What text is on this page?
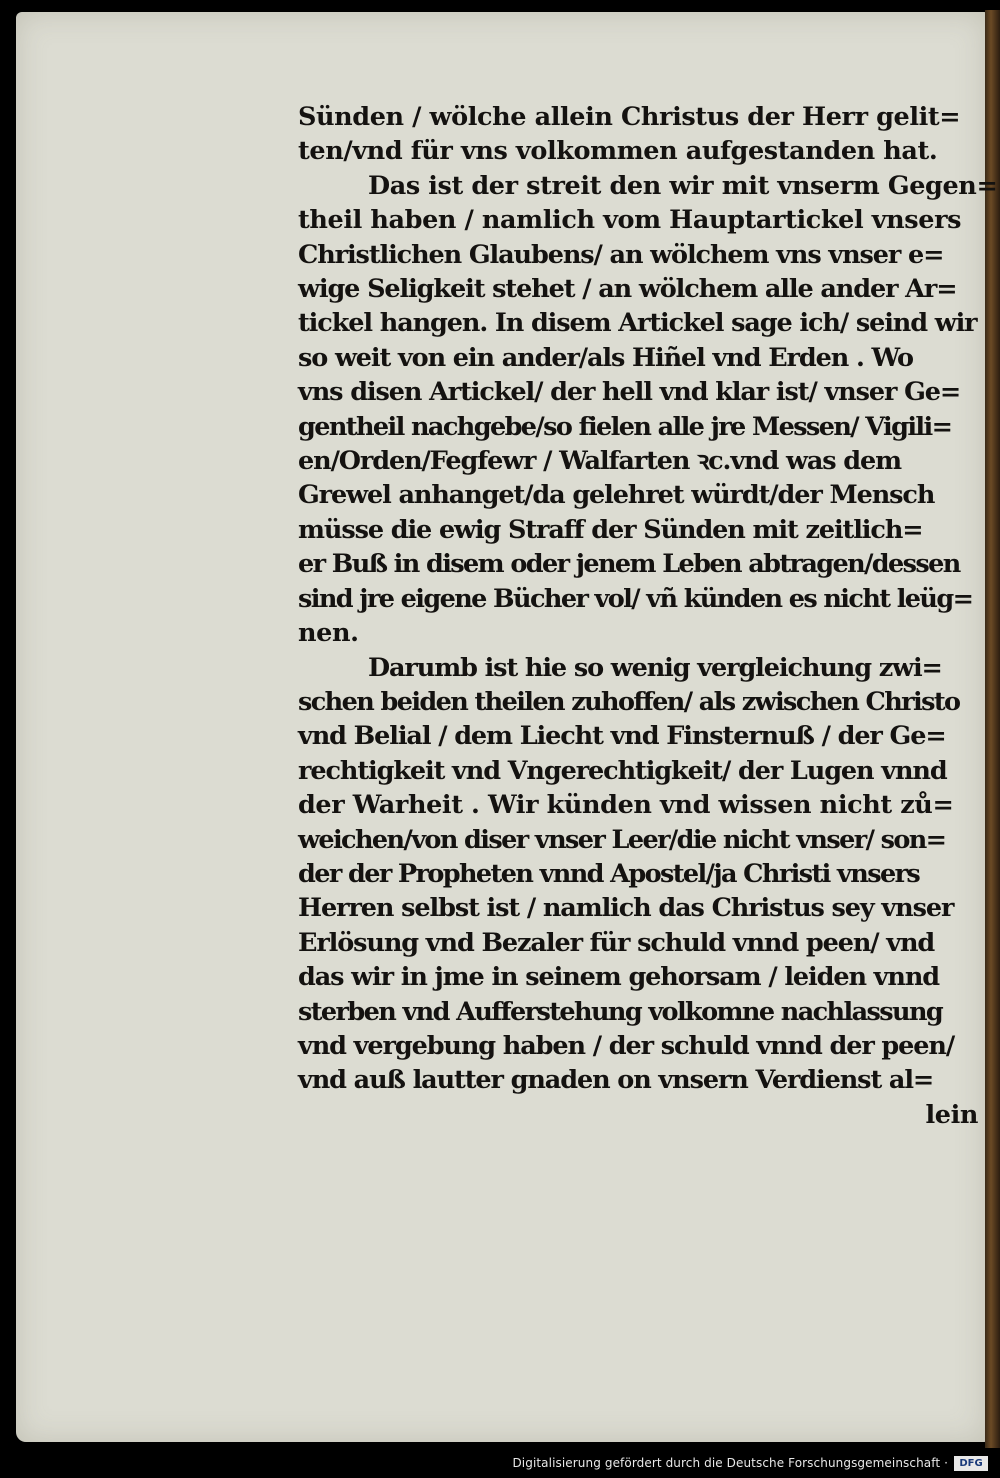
Sünden / wölche allein Christus der Herr gelit=
ten/vnd für vns volkommen aufgestanden hat.
Das ist der streit den wir mit vnserm Gegen=
theil haben / namlich vom Hauptartickel vnsers
Christlichen Glaubens/ an wölchem vns vnser e=
wige Seligkeit stehet / an wölchem alle ander Ar=
tickel hangen. In disem Artickel sage ich/ seind wir
so weit von ein ander/als Hiñel vnd Erden . Wo
vns disen Artickel/ der hell vnd klar ist/ vnser Ge=
gentheil nachgebe/so fielen alle jre Messen/ Vigili=
en/Orden/Fegfewr / Walfarten ꝛc.vnd was dem
Grewel anhanget/da gelehret würdt/der Mensch
müsse die ewig Straff der Sünden mit zeitlich=
er Buß in disem oder jenem Leben abtragen/dessen
sind jre eigene Bücher vol/ vñ künden es nicht leüg=
nen.
Darumb ist hie so wenig vergleichung zwi=
schen beiden theilen zuhoffen/ als zwischen Christo
vnd Belial / dem Liecht vnd Finsternuß / der Ge=
rechtigkeit vnd Vngerechtigkeit/ der Lugen vnnd
der Warheit . Wir künden vnd wissen nicht zů=
weichen/von diser vnser Leer/die nicht vnser/ son=
der der Propheten vnnd Apostel/ja Christi vnsers
Herren selbst ist / namlich das Christus sey vnser
Erlösung vnd Bezaler für schuld vnnd peen/ vnd
das wir in jme in seinem gehorsam / leiden vnnd
sterben vnd Aufferstehung volkomne nachlassung
vnd vergebung haben / der schuld vnnd der peen/
vnd auß lautter gnaden on vnsern Verdienst al=
lein
Digitalisierung gefördert durch die Deutsche Forschungsgemeinschaft ·	DFG
